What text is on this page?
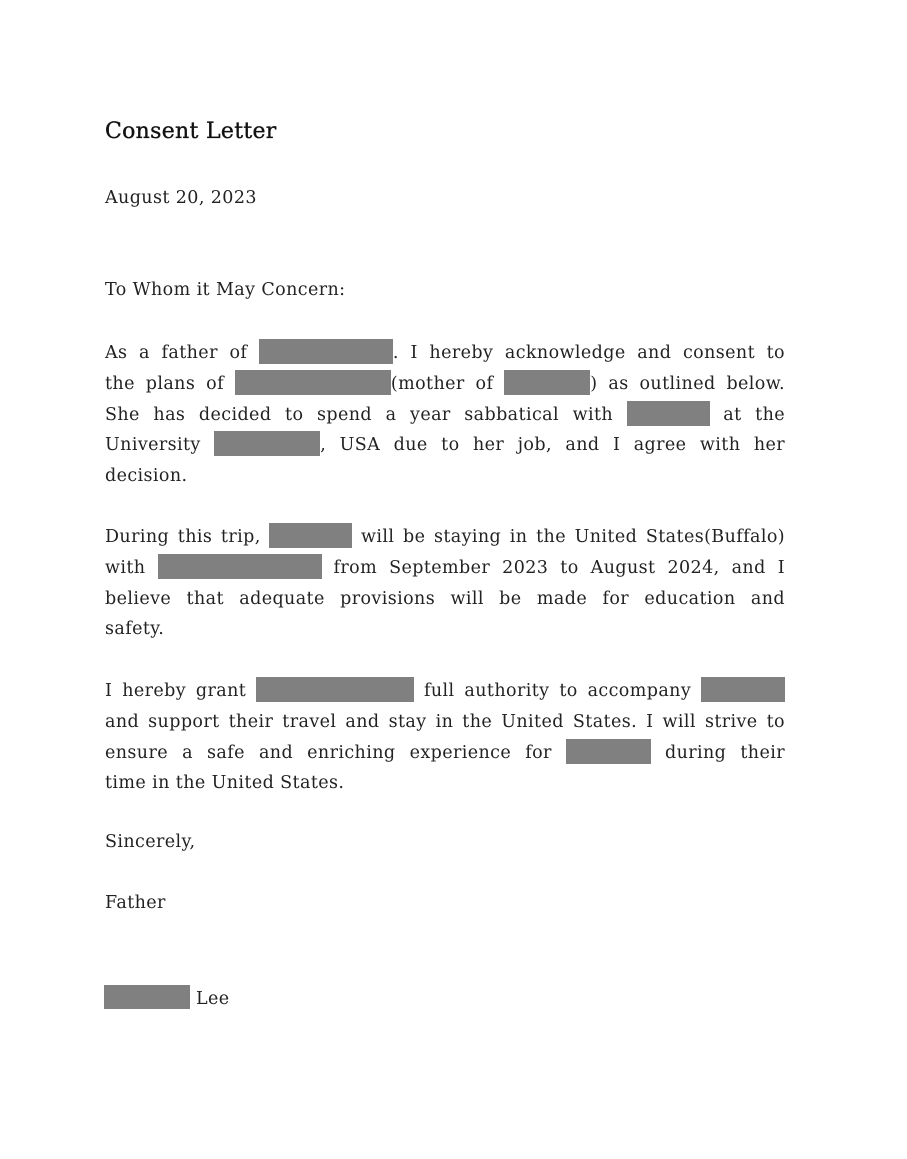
Consent Letter
August 20, 2023
To Whom it May Concern:
As a father of	. I hereby acknowledge and consent to
the plans of	(mother of	) as outlined below.
She has decided to spend a year sabbatical with	at the
University	, USA due to her job, and I agree with her
decision.
During this trip,	will be staying in the United States(Buffalo)
with	from September 2023 to August 2024, and I
believe that adequate provisions will be made for education and
safety.
I hereby grant	full authority to accompany
and support their travel and stay in the United States. I will strive to
ensure a safe and enriching experience for	during their
time in the United States.
Sincerely,
Father
Lee
